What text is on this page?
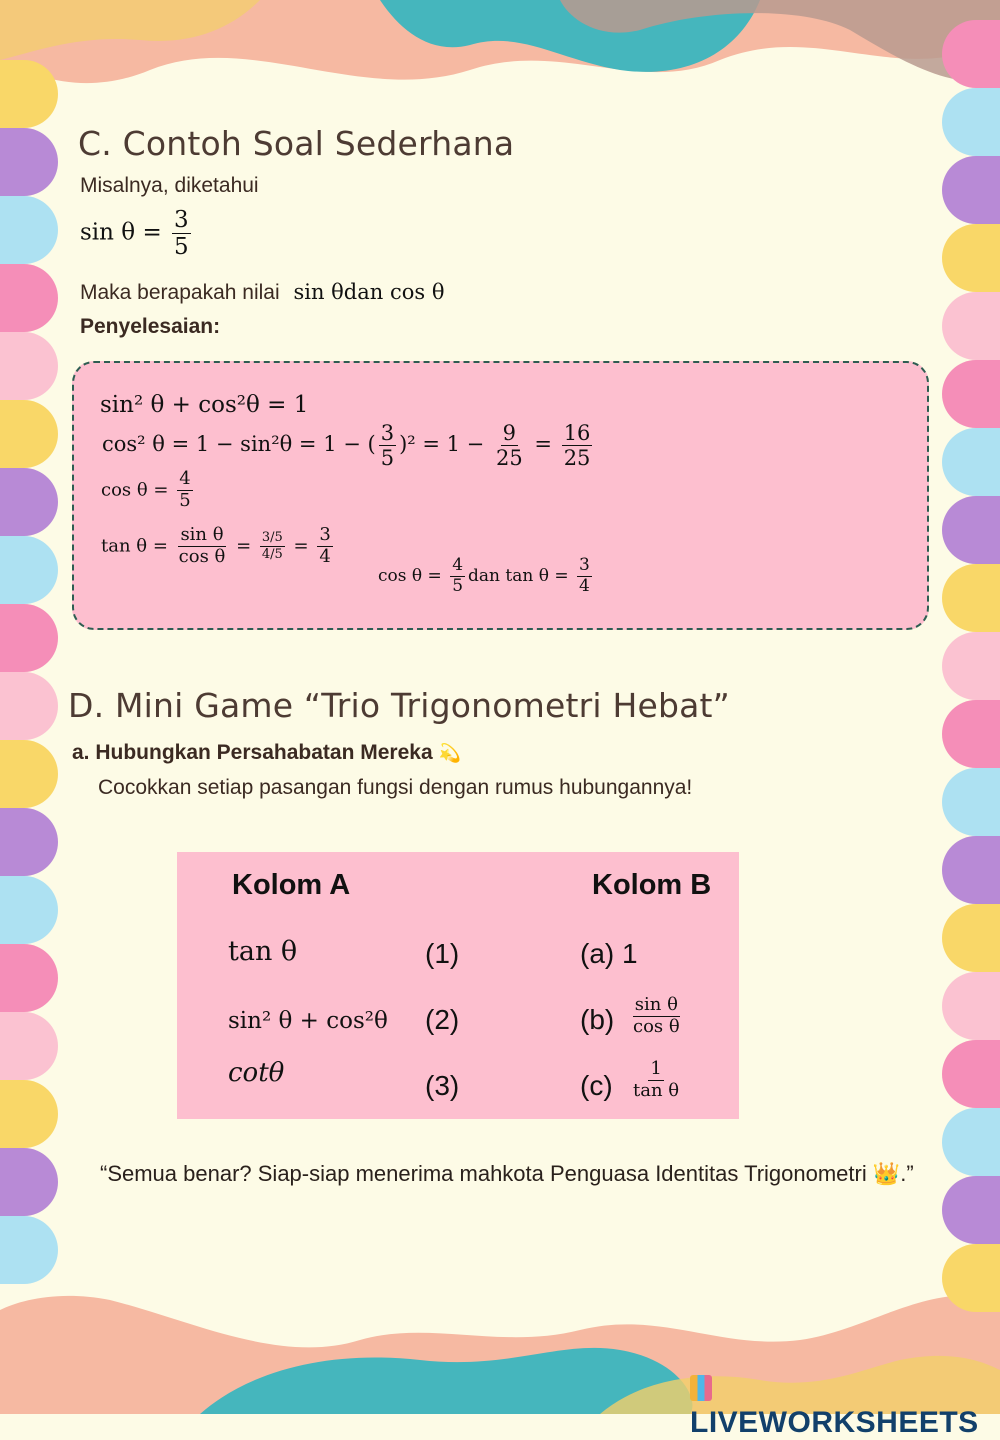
C. Contoh Soal Sederhana
Misalnya, diketahui
$\sin \theta = \frac{3}{5}$
Maka berapakah nilai sin θdan cos θ
Penyelesaian:
sin² θ + cos²θ = 1
cos² θ = 1 − sin²θ = 1 − ( $\frac{3}{5} )^2 = 1 - \frac{9}{25} = \frac{16}{25}$
$\cos \theta = \frac{4}{5}$
$\tan \theta = \frac{\text{sin θ}}{\text{cos θ}} = \frac{3/5}{4/5} = \frac{3}{4}$
$\cos \theta = \frac{4}{5}$ dan $\tan \theta = \frac{3}{4}$
D. Mini Game “Trio Trigonometri Hebat”
a. Hubungkan Persahabatan Mereka 💫
Cocokkan setiap pasangan fungsi dengan rumus hubungannya!
Kolom A	Kolom B
tan θ	(1)	(a) 1
sin² θ + cos²θ (2)	$(b) \frac{\text{sin θ}}{\text{cos θ}}$
cotθ	(3)	$(c) \frac{1}{\text{tan θ}}$
“Semua benar? Siap-siap menerima mahkota Penguasa Identitas Trigonometri 👑.”
LIVEWORKSHEETS
